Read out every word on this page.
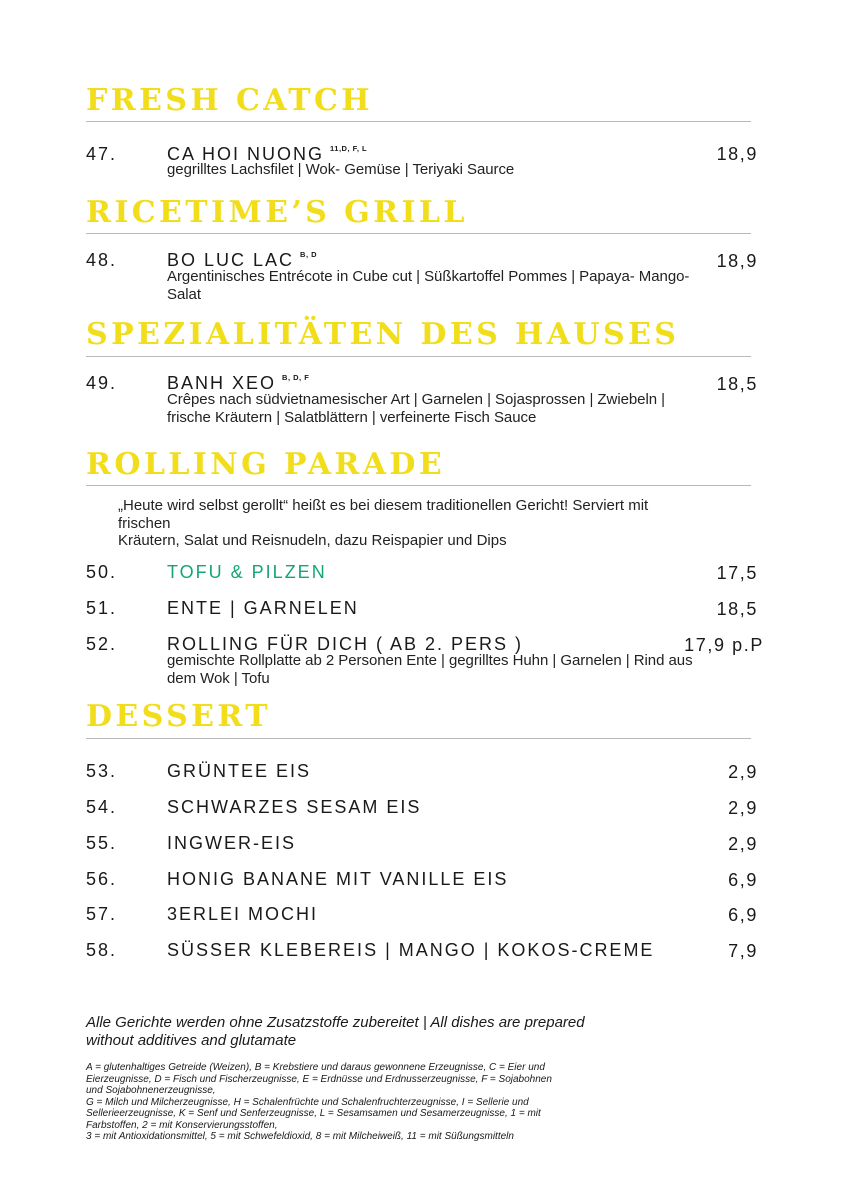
FRESH CATCH
47.	CA HOI NUONG $^{11,D, F, L}$	18,9
gegrilltes Lachsfilet | Wok- Gemüse | Teriyaki Saurce
RICETIME’S GRILL
48.	BO LUC LAC $^{B, D}$	18,9
Argentinisches Entrécote in Cube cut | Süßkartoffel Pommes | Papaya- Mango-
Salat
SPEZIALITÄTEN DES HAUSES
49.	BANH XEO $^{B, D, F}$	18,5
Crêpes nach südvietnamesischer Art | Garnelen | Sojasprossen | Zwiebeln |
frische Kräutern | Salatblättern | verfeinerte Fisch Sauce
ROLLING PARADE
„Heute wird selbst gerollt“ heißt es bei diesem traditionellen Gericht! Serviert mit
frischen
Kräutern, Salat und Reisnudeln, dazu Reispapier und Dips
50.	TOFU & PILZEN	17,5
51.	ENTE | GARNELEN	18,5
52.	ROLLING FÜR DICH ( AB 2. PERS )	17,9 p.P
gemischte Rollplatte ab 2 Personen Ente | gegrilltes Huhn | Garnelen | Rind aus
dem Wok | Tofu
DESSERT
53.	GRÜNTEE EIS	2,9
54.	SCHWARZES SESAM EIS	2,9
55.	INGWER-EIS	2,9
56.	HONIG BANANE MIT VANILLE EIS	6,9
57.	3ERLEI MOCHI	6,9
58.	SÜSSER KLEBEREIS | MANGO | KOKOS-CREME	7,9
Alle Gerichte werden ohne Zusatzstoffe zubereitet | All dishes are prepared
without additives and glutamate
A = glutenhaltiges Getreide (Weizen), B = Krebstiere und daraus gewonnene Erzeugnisse, C = Eier und
Eierzeugnisse, D = Fisch und Fischerzeugnisse, E = Erdnüsse und Erdnusserzeugnisse, F = Sojabohnen
und Sojabohnenerzeugnisse,
G = Milch und Milcherzeugnisse, H = Schalenfrüchte und Schalenfruchterzeugnisse, I = Sellerie und
Sellerieerzeugnisse, K = Senf und Senferzeugnisse, L = Sesamsamen und Sesamerzeugnisse, 1 = mit
Farbstoffen, 2 = mit Konservierungsstoffen,
3 = mit Antioxidationsmittel, 5 = mit Schwefeldioxid, 8 = mit Milcheiweiß, 11 = mit Süßungsmitteln
